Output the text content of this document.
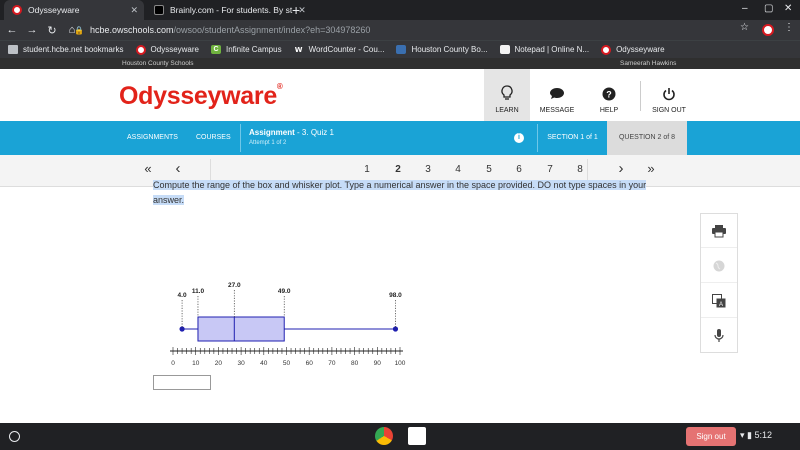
Odysseyware	✕	Brainly.com - For students. By st ✕
+	– ▢ ✕
← → ↻	⌂
🔒 hcbe.owschools.com /owsoo/studentAssignment/index?eh=304978260	☆	⋮
student.hcbe.net bookmarks	Odysseyware	C Infinite Campus W WordCounter - Cou...	Houston County Bo...	Notepad | Online N...	Odysseyware
Houston County Schools	Sameerah Hawkins
Odysseyware®
LEARN	MESSAGE
?
HELP	SIGN OUT
ASSIGNMENTS	COURSES
Assignment - 3. Quiz 1
Attempt 1 of 2
i	SECTION 1 of 1	QUESTION 2 of 8
«	‹	1	2	3	4	5	6	7	8	›	»
Compute the range of the box and whisker plot. Type a numerical answer in the space provided. DO not type spaces in your answer.
4.0
11.0
27.0
49.0
98.0
0	10 20 30 40 50 60 70 80 90 100
A
Sign out	▾ ▮ 5:12
